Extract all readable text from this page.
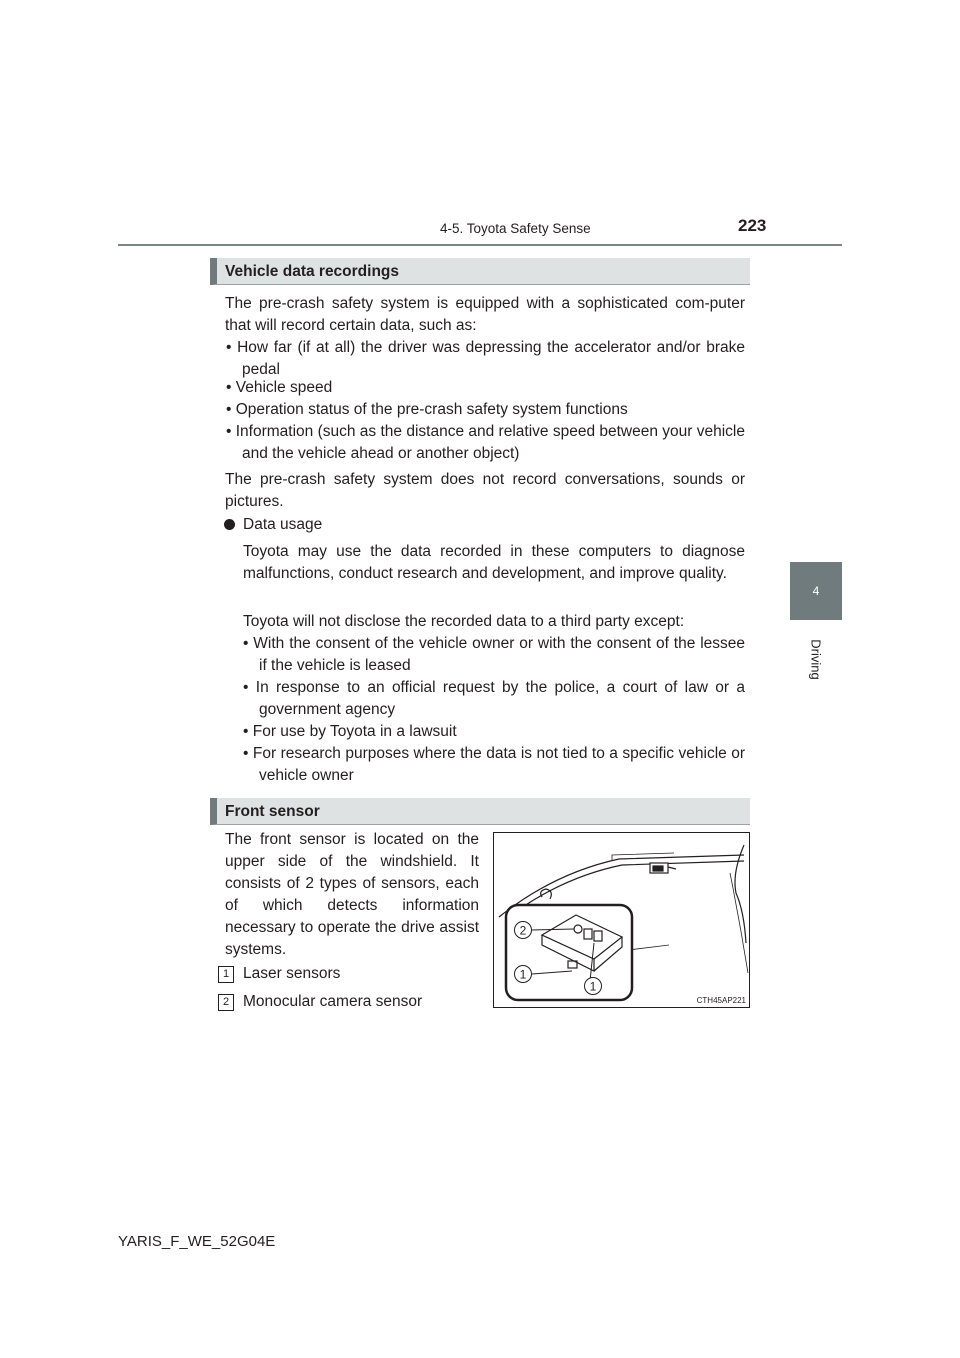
4-5. Toyota Safety Sense	223
4
Driving
Vehicle data recordings
The pre-crash safety system is equipped with a sophisticated com-puter that will record certain data, such as:
• How far (if at all) the driver was depressing the accelerator and/or brake pedal
• Vehicle speed
• Operation status of the pre-crash safety system functions
• Information (such as the distance and relative speed between your vehicle and the vehicle ahead or another object)
The pre-crash safety system does not record conversations, sounds or pictures.
Data usage
Toyota may use the data recorded in these computers to diagnose malfunctions, conduct research and development, and improve quality.
Toyota will not disclose the recorded data to a third party except:
• With the consent of the vehicle owner or with the consent of the lessee if the vehicle is leased
• In response to an official request by the police, a court of law or a government agency
• For use by Toyota in a lawsuit
• For research purposes where the data is not tied to a specific vehicle or vehicle owner
Front sensor
The front sensor is located on the upper side of the windshield. It consists of 2 types of sensors, each of which detects information necessary to operate the drive assist systems.
1 Laser sensors
2 Monocular camera sensor
2
1
1
CTH45AP221
YARIS_F_WE_52G04E
